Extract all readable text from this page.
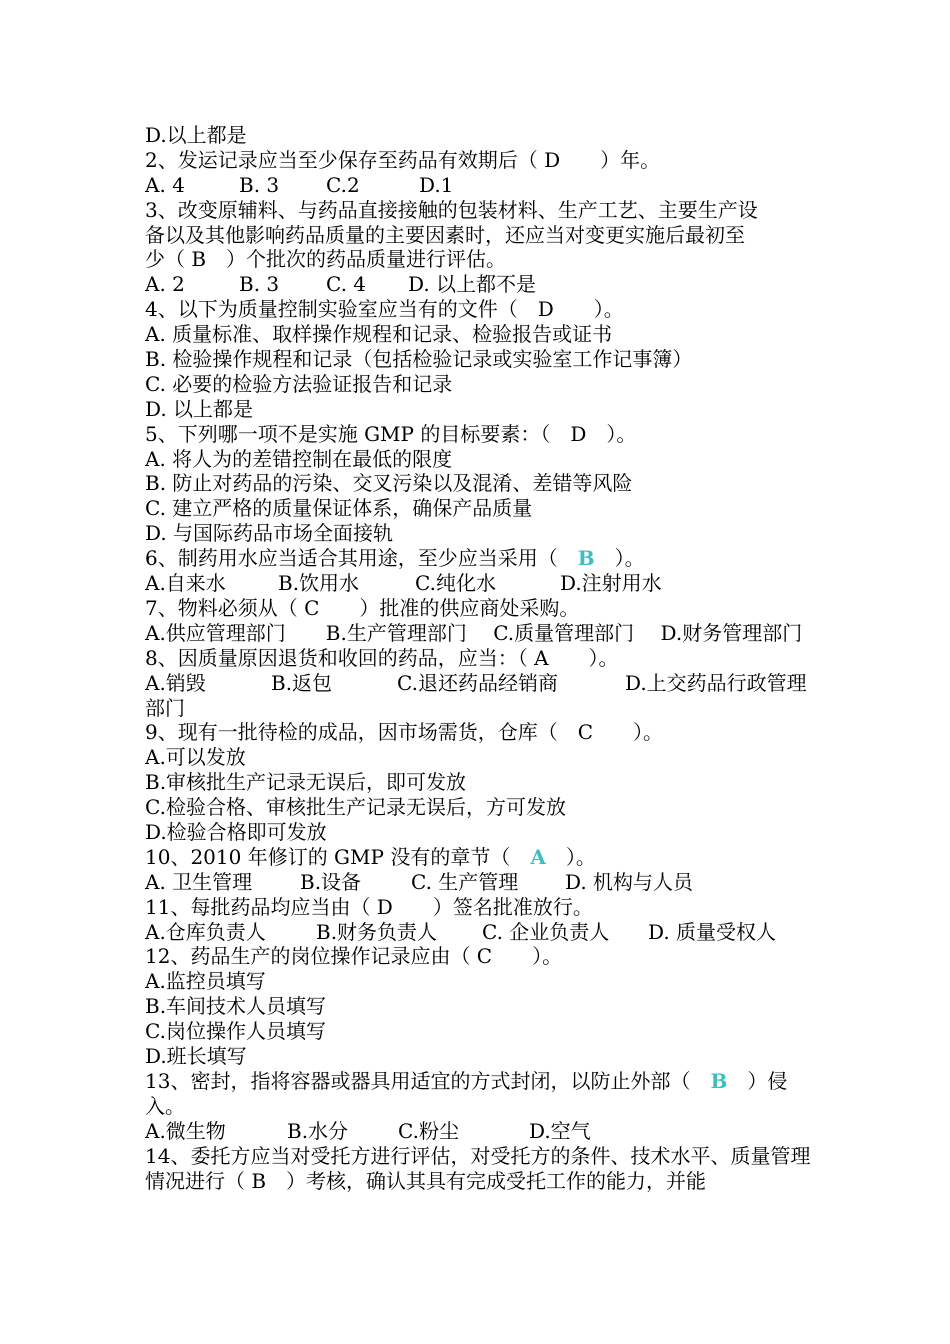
D.以上都是
2、发运记录应当至少保存至药品有效期后（ D　　）年。
A. 4	B. 3 C.2	D.1
3、改变原辅料、与药品直接接触的包装材料、生产工艺、主要生产设
备以及其他影响药品质量的主要因素时，还应当对变更实施后最初至
少（ B　）个批次的药品质量进行评估。
A. 2	B. 3 C. 4 D. 以上都不是
4、以下为质量控制实验室应当有的文件（　D　　）。
A. 质量标准、取样操作规程和记录、检验报告或证书
B. 检验操作规程和记录（包括检验记录或实验室工作记事簿）
C. 必要的检验方法验证报告和记录
D. 以上都是
5、下列哪一项不是实施 GMP 的目标要素：（　D　）。
A. 将人为的差错控制在最低的限度
B. 防止对药品的污染、交叉污染以及混淆、差错等风险
C. 建立严格的质量保证体系，确保产品质量
D. 与国际药品市场全面接轨
6、制药用水应当适合其用途，至少应当采用（　B　）。
A.自来水	B.饮用水	C.纯化水	D.注射用水
7、物料必须从（ C　　）批准的供应商处采购。
A.供应管理部门　　B.生产管理部门　 C.质量管理部门　 D.财务管理部门
8、因质量原因退货和收回的药品，应当：（ A　　）。
A.销毁	B.返包	C.退还药品经销商	D.上交药品行政管理部门
9、现有一批待检的成品，因市场需货，仓库（　C　　）。
A.可以发放
B.审核批生产记录无误后，即可发放
C.检验合格、审核批生产记录无误后，方可发放
D.检验合格即可发放
10、2010 年修订的 GMP 没有的章节（　A　）。
A. 卫生管理 B.设备 C. 生产管理 D. 机构与人员
11、每批药品均应当由（ D　　）签名批准放行。
A.仓库负责人	B.财务负责人 C. 企业负责人 D. 质量受权人
12、药品生产的岗位操作记录应由（ C　　）。
A.监控员填写
B.车间技术人员填写
C.岗位操作人员填写
D.班长填写
13、密封，指将容器或器具用适宜的方式封闭，以防止外部（　B　）侵入。
A.微生物	B.水分 C.粉尘	D.空气
14、委托方应当对受托方进行评估，对受托方的条件、技术水平、质量管理情况进行（ B　）考核，确认其具有完成受托工作的能力，并能
